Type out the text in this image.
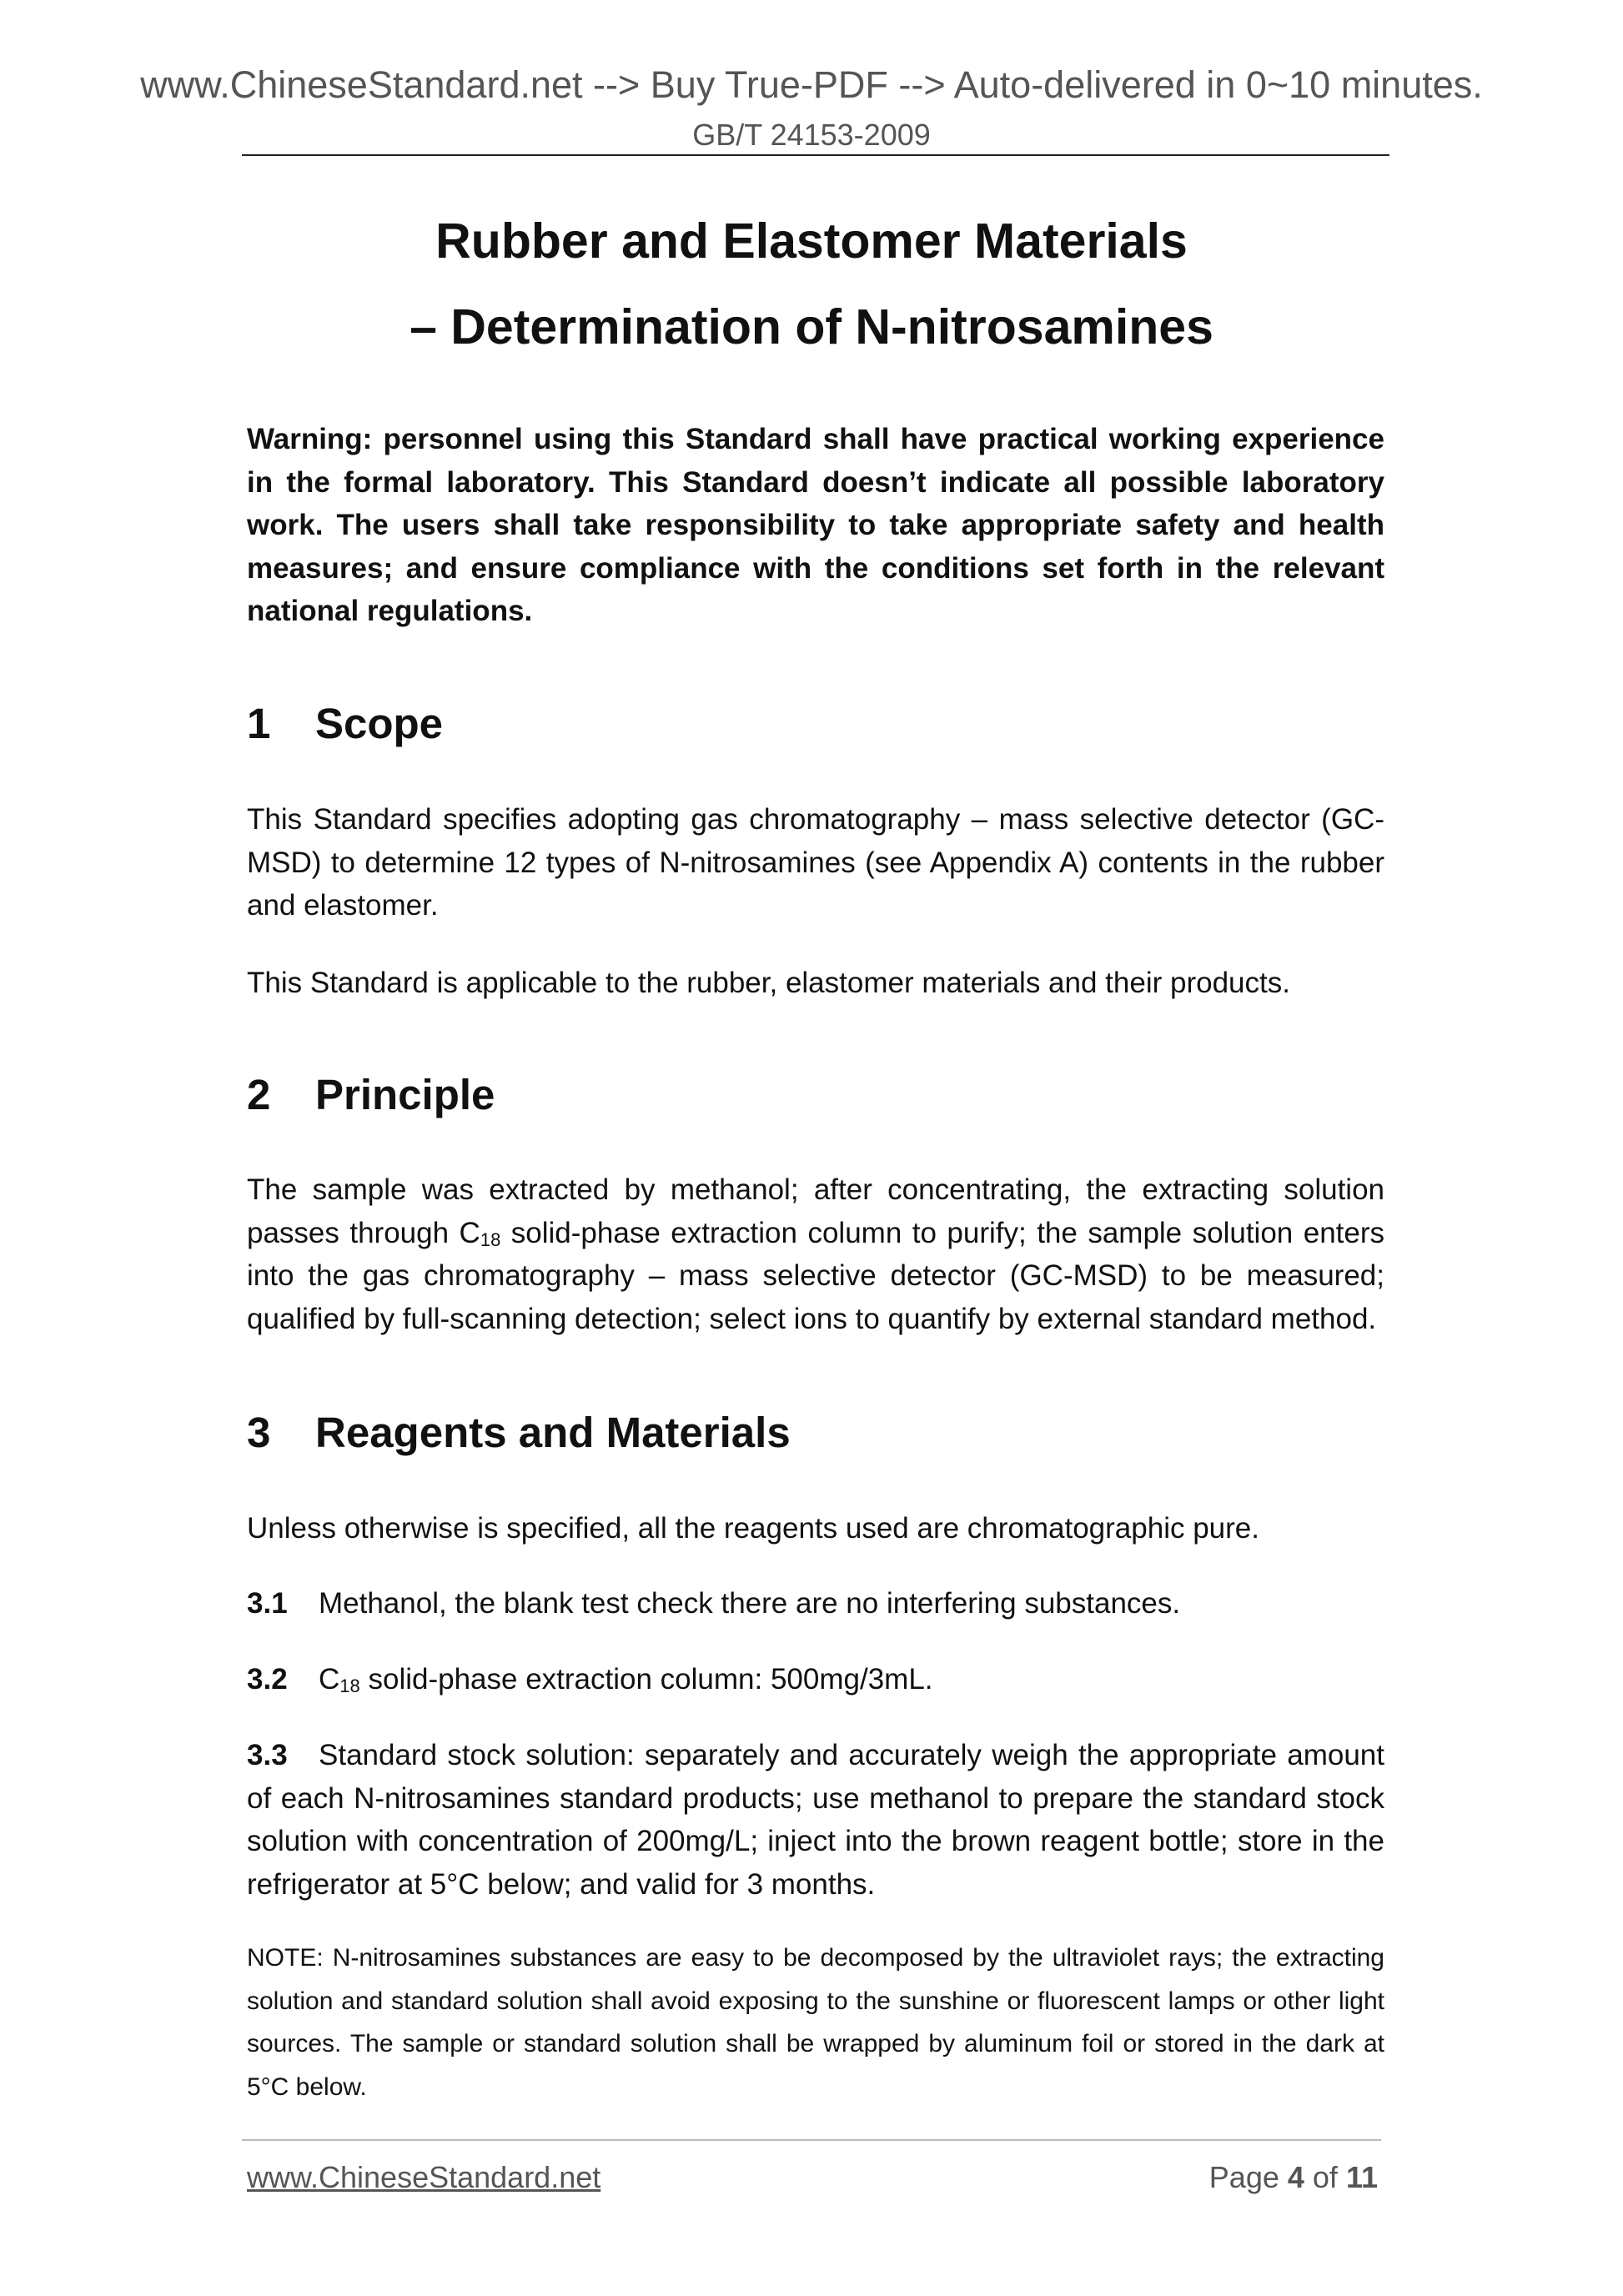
www.ChineseStandard.net --> Buy True-PDF --> Auto-delivered in 0~10 minutes.
GB/T 24153-2009
Rubber and Elastomer Materials
– Determination of N-nitrosamines
Warning: personnel using this Standard shall have practical working experience in the formal laboratory. This Standard doesn’t indicate all possible laboratory work. The users shall take responsibility to take appropriate safety and health measures; and ensure compliance with the conditions set forth in the relevant national regulations.
1 Scope
This Standard specifies adopting gas chromatography – mass selective detector (GC-MSD) to determine 12 types of N-nitrosamines (see Appendix A) contents in the rubber and elastomer.
This Standard is applicable to the rubber, elastomer materials and their products.
2 Principle
The sample was extracted by methanol; after concentrating, the extracting solution passes through $C_{18}$ solid-phase extraction column to purify; the sample solution enters into the gas chromatography – mass selective detector (GC-MSD) to be measured; qualified by full-scanning detection; select ions to quantify by external standard method.
3 Reagents and Materials
Unless otherwise is specified, all the reagents used are chromatographic pure.
3.1 Methanol, the blank test check there are no interfering substances.
3.2 $C_{18}$ solid-phase extraction column: 500mg/3mL.
3.3 Standard stock solution: separately and accurately weigh the appropriate amount of each N-nitrosamines standard products; use methanol to prepare the standard stock solution with concentration of 200mg/L; inject into the brown reagent bottle; store in the refrigerator at 5°C below; and valid for 3 months.
NOTE: N-nitrosamines substances are easy to be decomposed by the ultraviolet rays; the extracting solution and standard solution shall avoid exposing to the sunshine or fluorescent lamps or other light sources. The sample or standard solution shall be wrapped by aluminum foil or stored in the dark at 5°C below.
www.ChineseStandard.net	Page 4 of 11
